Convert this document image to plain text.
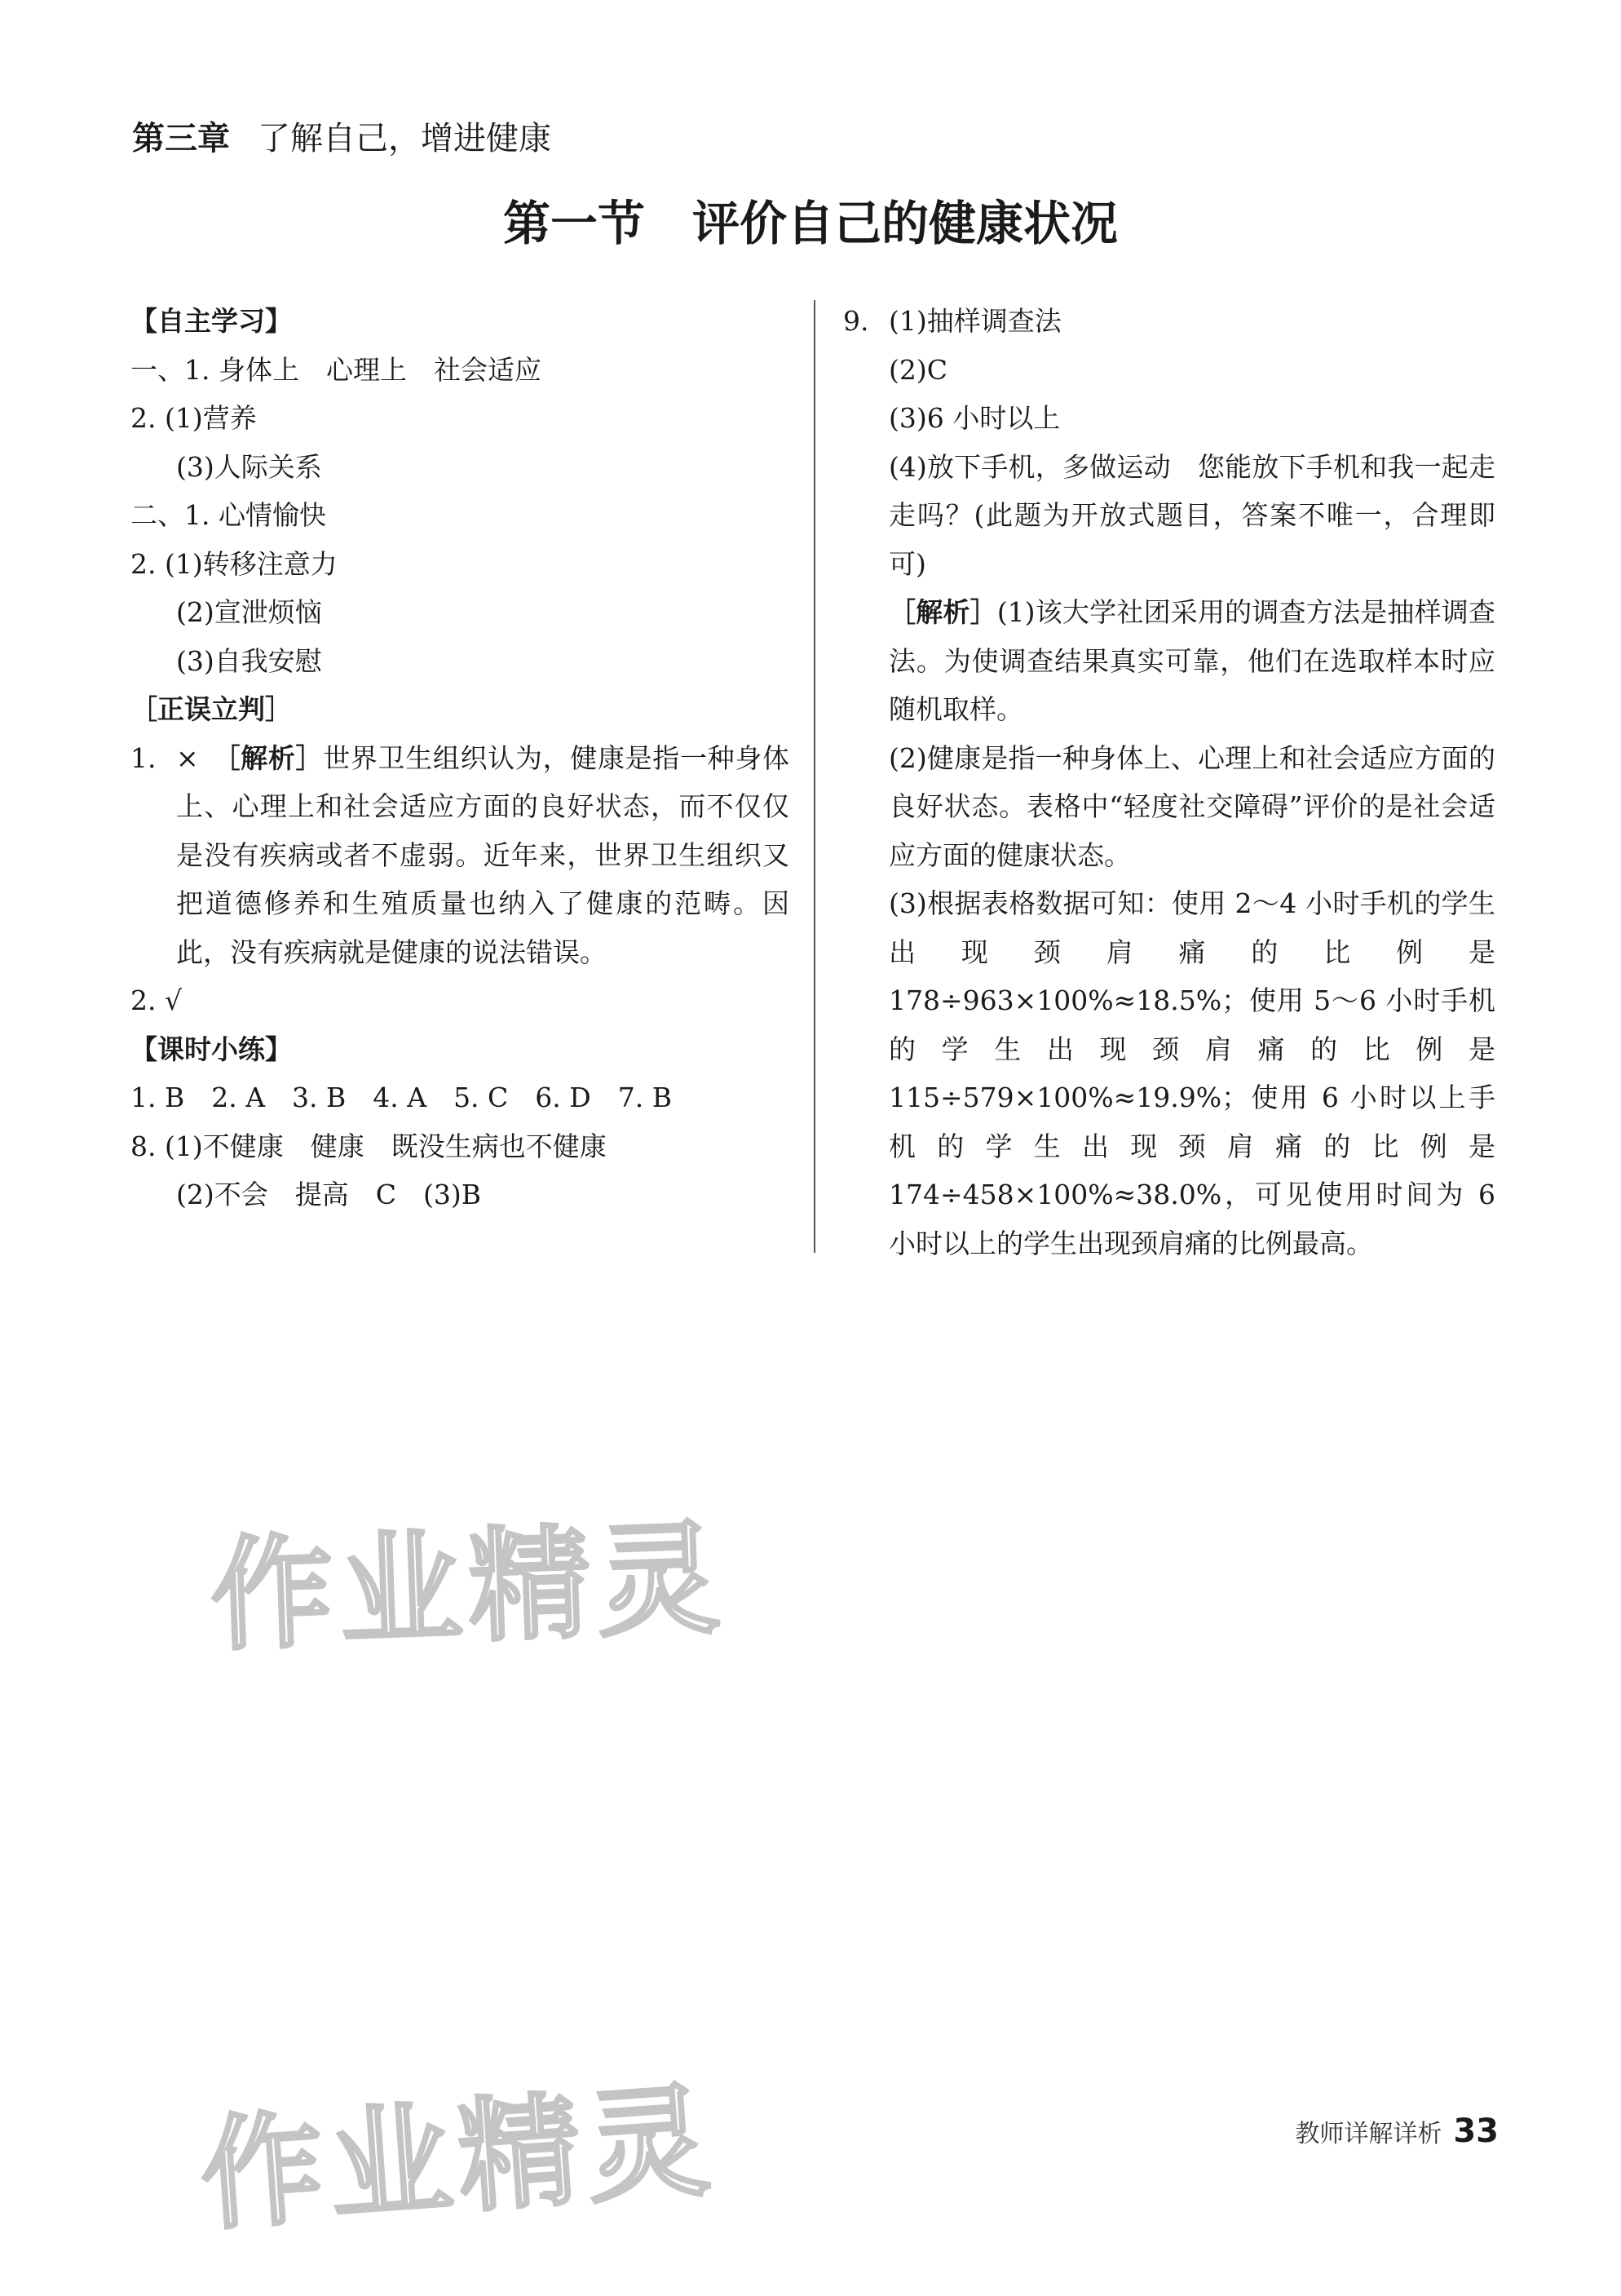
第三章 了解自己，增进健康
第一节　评价自己的健康状况
【自主学习】
一、1. 身体上　心理上　社会适应
2. (1)营养
(3)人际关系
二、1. 心情愉快
2. (1)转移注意力
(2)宣泄烦恼
(3)自我安慰
［正误立判］
1. ×　［解析］世界卫生组织认为，健康是指一种身体上、心理上和社会适应方面的良好状态，而不仅仅是没有疾病或者不虚弱。近年来，世界卫生组织又把道德修养和生殖质量也纳入了健康的范畴。因此，没有疾病就是健康的说法错误。
2. √
【课时小练】
1. B　2. A　3. B　4. A　5. C　6. D　7. B
8. (1)不健康　健康　既没生病也不健康
(2)不会　提高　C　(3)B
9. (1)抽样调查法
(2)C
(3)6 小时以上
(4)放下手机，多做运动　您能放下手机和我一起走走吗？(此题为开放式题目，答案不唯一，合理即可)
［解析］(1)该大学社团采用的调查方法是抽样调查法。为使调查结果真实可靠，他们在选取样本时应随机取样。
(2)健康是指一种身体上、心理上和社会适应方面的良好状态。表格中“轻度社交障碍”评价的是社会适应方面的健康状态。
(3)根据表格数据可知：使用 2～4 小时手机的学生出现颈肩痛的比例是 178÷963×100%≈18.5%；使用 5～6 小时手机的学生出现颈肩痛的比例是 115÷579×100%≈19.9%；使用 6 小时以上手机的学生出现颈肩痛的比例是 174÷458×100%≈38.0%，可见使用时间为 6 小时以上的学生出现颈肩痛的比例最高。
作业精灵
作业精灵	教师详解详析 33
